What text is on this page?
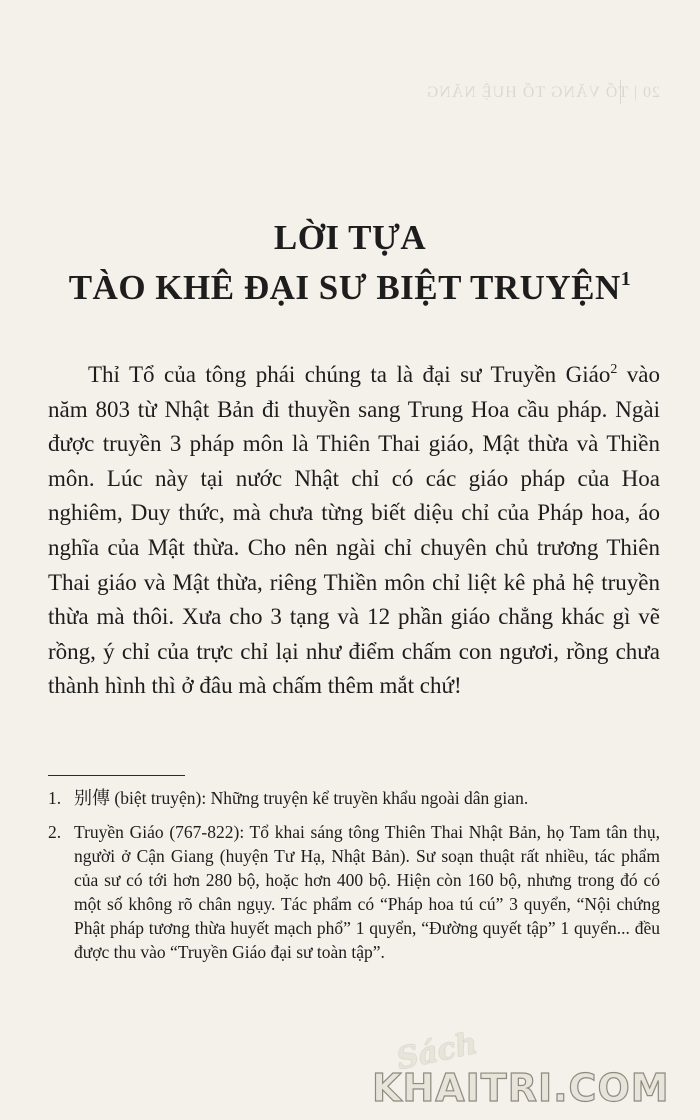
20 | TỔ VĂNG TỔ HUỆ NĂNG
LỜI TỰA
TÀO KHÊ ĐẠI SƯ BIỆT TRUYỆN$^1$

Thỉ Tổ của tông phái chúng ta là đại sư Truyền Giáo$^2$ vào năm 803 từ Nhật Bản đi thuyền sang Trung Hoa cầu pháp. Ngài được truyền 3 pháp môn là Thiên Thai giáo, Mật thừa và Thiền môn. Lúc này tại nước Nhật chỉ có các giáo pháp của Hoa nghiêm, Duy thức, mà chưa từng biết diệu chỉ của Pháp hoa, áo nghĩa của Mật thừa. Cho nên ngài chỉ chuyên chủ trương Thiên Thai giáo và Mật thừa, riêng Thiền môn chỉ liệt kê phả hệ truyền thừa mà thôi. Xưa cho 3 tạng và 12 phần giáo chẳng khác gì vẽ rồng, ý chỉ của trực chỉ lại như điểm chấm con ngươi, rồng chưa thành hình thì ở đâu mà chấm thêm mắt chứ!

1. 别傳 (biệt truyện): Những truyện kể truyền khẩu ngoài dân gian.
2. Truyền Giáo (767-822): Tổ khai sáng tông Thiên Thai Nhật Bản, họ Tam tân thụ, người ở Cận Giang (huyện Tư Hạ, Nhật Bản). Sư soạn thuật rất nhiều, tác phẩm của sư có tới hơn 280 bộ, hoặc hơn 400 bộ. Hiện còn 160 bộ, nhưng trong đó có một số không rõ chân ngụy. Tác phẩm có “Pháp hoa tú cú” 3 quyển, “Nội chứng Phật pháp tương thừa huyết mạch phổ” 1 quyển, “Đường quyết tập” 1 quyển... đều được thu vào “Truyền Giáo đại sư toàn tập”.
Sách
KHAITRI.COM
